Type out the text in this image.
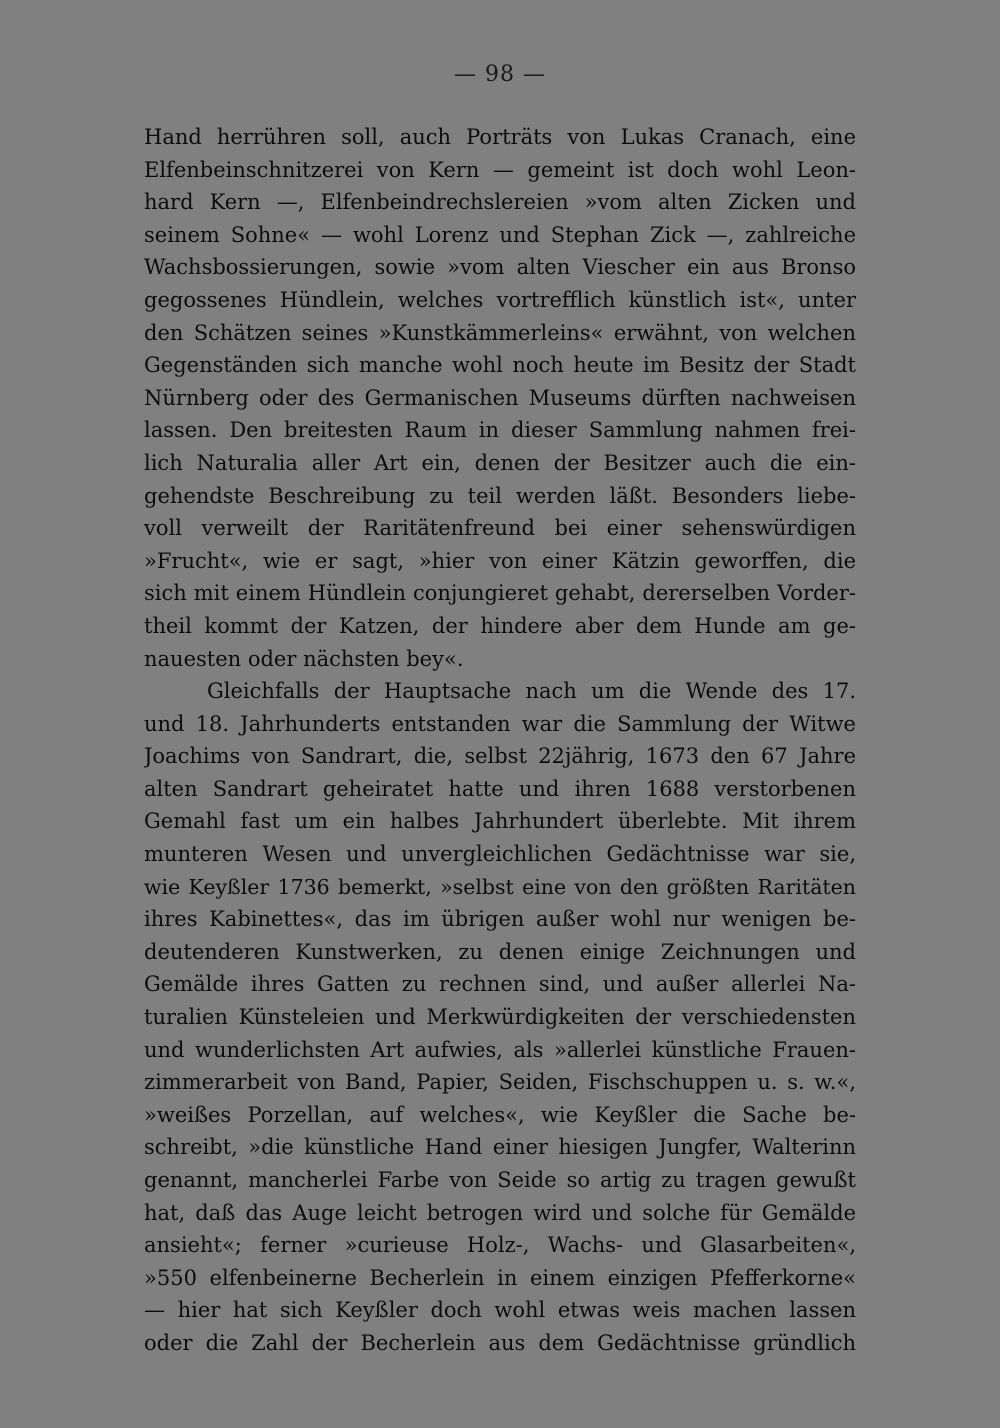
— 98 —
Hand herrühren soll, auch Porträts von Lukas Cranach, eine
Elfenbeinschnitzerei von Kern — gemeint ist doch wohl Leon-
hard Kern —, Elfenbeindrechslereien »vom alten Zicken und
seinem Sohne« — wohl Lorenz und Stephan Zick —, zahlreiche
Wachsbossierungen, sowie »vom alten Viescher ein aus Bronso
gegossenes Hündlein, welches vortrefflich künstlich ist«, unter
den Schätzen seines »Kunstkämmerleins« erwähnt, von welchen
Gegenständen sich manche wohl noch heute im Besitz der Stadt
Nürnberg oder des Germanischen Museums dürften nachweisen
lassen. Den breitesten Raum in dieser Sammlung nahmen frei-
lich Naturalia aller Art ein, denen der Besitzer auch die ein-
gehendste Beschreibung zu teil werden läßt. Besonders liebe-
voll verweilt der Raritätenfreund bei einer sehenswürdigen
»Frucht«, wie er sagt, »hier von einer Kätzin geworffen, die
sich mit einem Hündlein conjungieret gehabt, dererselben Vorder-
theil kommt der Katzen, der hindere aber dem Hunde am ge-
nauesten oder nächsten bey«.
Gleichfalls der Hauptsache nach um die Wende des 17.
und 18. Jahrhunderts entstanden war die Sammlung der Witwe
Joachims von Sandrart, die, selbst 22jährig, 1673 den 67 Jahre
alten Sandrart geheiratet hatte und ihren 1688 verstorbenen
Gemahl fast um ein halbes Jahrhundert überlebte. Mit ihrem
munteren Wesen und unvergleichlichen Gedächtnisse war sie,
wie Keyßler 1736 bemerkt, »selbst eine von den größten Raritäten
ihres Kabinettes«, das im übrigen außer wohl nur wenigen be-
deutenderen Kunstwerken, zu denen einige Zeichnungen und
Gemälde ihres Gatten zu rechnen sind, und außer allerlei Na-
turalien Künsteleien und Merkwürdigkeiten der verschiedensten
und wunderlichsten Art aufwies, als »allerlei künstliche Frauen-
zimmerarbeit von Band, Papier, Seiden, Fischschuppen u. s. w.«,
»weißes Porzellan, auf welches«, wie Keyßler die Sache be-
schreibt, »die künstliche Hand einer hiesigen Jungfer, Walterinn
genannt, mancherlei Farbe von Seide so artig zu tragen gewußt
hat, daß das Auge leicht betrogen wird und solche für Gemälde
ansieht«; ferner »curieuse Holz-, Wachs- und Glasarbeiten«,
»550 elfenbeinerne Becherlein in einem einzigen Pfefferkorne«
— hier hat sich Keyßler doch wohl etwas weis machen lassen
oder die Zahl der Becherlein aus dem Gedächtnisse gründlich
